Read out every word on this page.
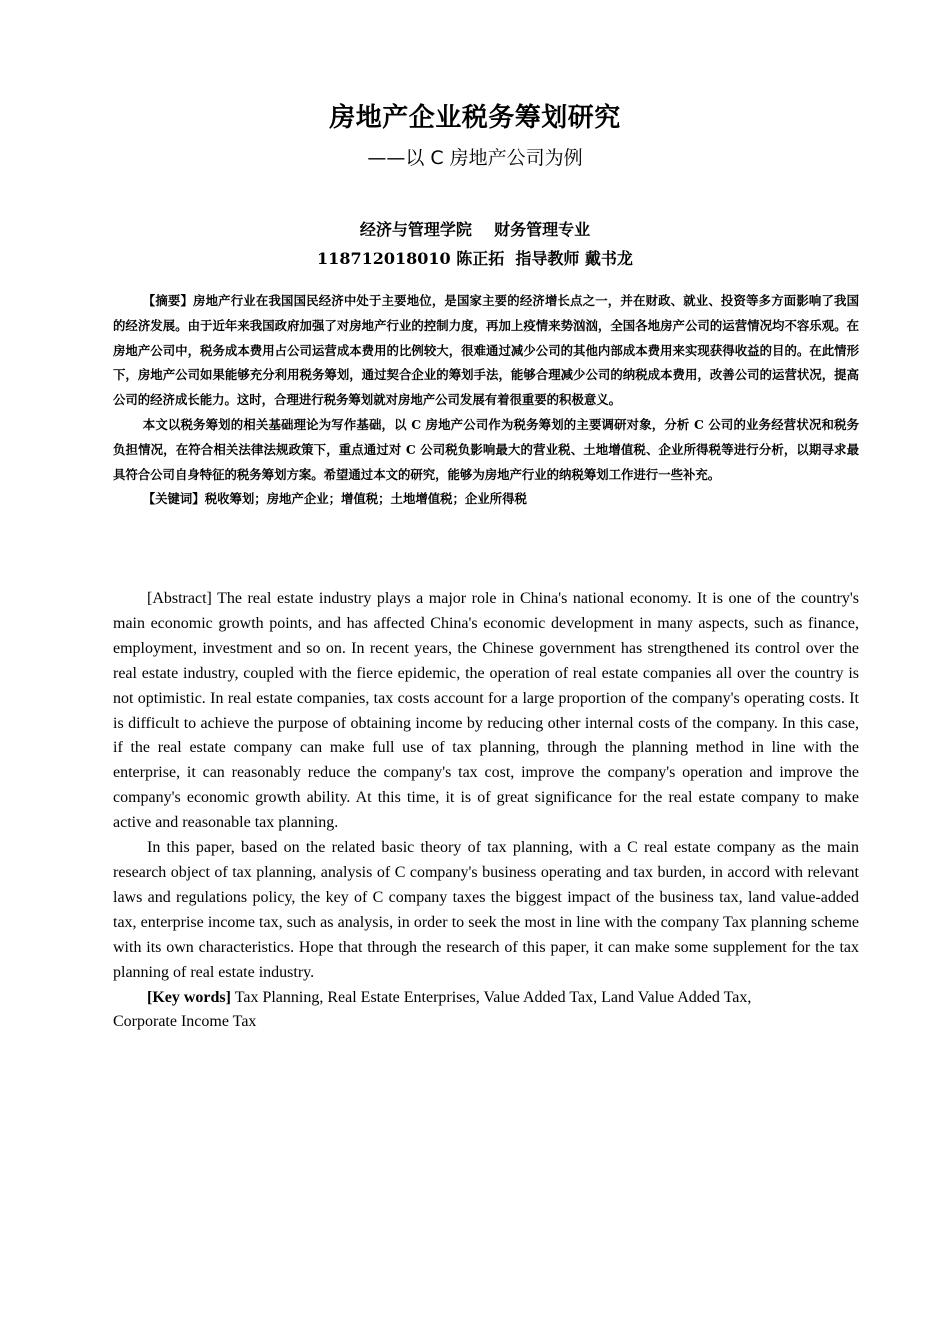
房地产企业税务筹划研究
——以 C 房地产公司为例
经济与管理学院    财务管理专业
118712018010 陈正拓  指导教师 戴书龙

【摘要】房地产行业在我国国民经济中处于主要地位，是国家主要的经济增长点之一，并在财政、就业、投资等多方面影响了我国的经济发展。由于近年来我国政府加强了对房地产行业的控制力度，再加上疫情来势汹汹，全国各地房产公司的运营情况均不容乐观。在房地产公司中，税务成本费用占公司运营成本费用的比例较大，很难通过减少公司的其他内部成本费用来实现获得收益的目的。在此情形下，房地产公司如果能够充分利用税务筹划，通过契合企业的筹划手法，能够合理减少公司的纳税成本费用，改善公司的运营状况，提高公司的经济成长能力。这时，合理进行税务筹划就对房地产公司发展有着很重要的积极意义。

本文以税务筹划的相关基础理论为写作基础，以 C 房地产公司作为税务筹划的主要调研对象，分析 C 公司的业务经营状况和税务负担情况，在符合相关法律法规政策下，重点通过对 C 公司税负影响最大的营业税、土地增值税、企业所得税等进行分析，以期寻求最具符合公司自身特征的税务筹划方案。希望通过本文的研究，能够为房地产行业的纳税筹划工作进行一些补充。

【关键词】税收筹划；房地产企业；增值税；土地增值税；企业所得税

[Abstract] The real estate industry plays a major role in China's national economy. It is one of the country's main economic growth points, and has affected China's economic development in many aspects, such as finance, employment, investment and so on. In recent years, the Chinese government has strengthened its control over the real estate industry, coupled with the fierce epidemic, the operation of real estate companies all over the country is not optimistic. In real estate companies, tax costs account for a large proportion of the company's operating costs. It is difficult to achieve the purpose of obtaining income by reducing other internal costs of the company. In this case, if the real estate company can make full use of tax planning, through the planning method in line with the enterprise, it can reasonably reduce the company's tax cost, improve the company's operation and improve the company's economic growth ability. At this time, it is of great significance for the real estate company to make active and reasonable tax planning.

In this paper, based on the related basic theory of tax planning, with a C real estate company as the main research object of tax planning, analysis of C company's business operating and tax burden, in accord with relevant laws and regulations policy, the key of C company taxes the biggest impact of the business tax, land value-added tax, enterprise income tax, such as analysis, in order to seek the most in line with the company Tax planning scheme with its own characteristics. Hope that through the research of this paper, it can make some supplement for the tax planning of real estate industry.

[Key words] Tax Planning, Real Estate Enterprises, Value Added Tax, Land Value Added Tax,
Corporate Income Tax
